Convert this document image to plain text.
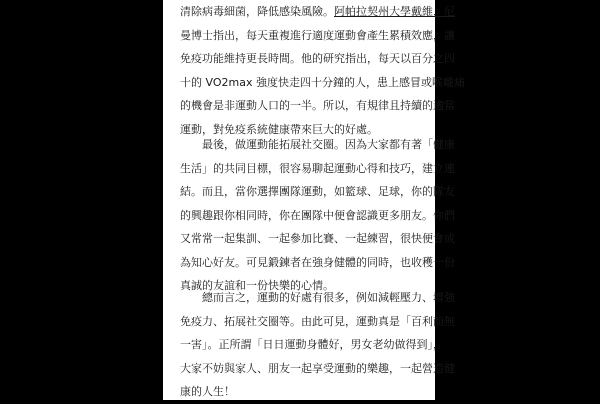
清除病毒細菌，降低感染風險。阿帕拉契州大學戴維．尼
曼博士指出，每天重複進行適度運動會產生累積效應，讓
免疫功能維持更長時間。他的研究指出，每天以百分之四
十的 VO2max 強度快走四十分鐘的人，患上感冒或喉嚨痛
的機會是非運動人口的一半。所以，有規律且持續的適當
運動，對免疫系統健康帶來巨大的好處。
最後，做運動能拓展社交圈。因為大家都有著「健康
生活」的共同目標，很容易聊起運動心得和技巧，建立連
結。而且，當你選擇團隊運動，如籃球、足球，你的隊友
的興趣跟你相同時，你在團隊中便會認識更多朋友。你們
又常常一起集訓、一起參加比賽、一起練習，很快便會成
為知心好友。可見鍛鍊者在強身健體的同時，也收穫一份
真誠的友誼和一份快樂的心情。
總而言之，運動的好處有很多，例如減輕壓力、增強
免疫力、拓展社交圈等。由此可見，運動真是「百利而無
一害」。正所謂「日日運動身體好，男女老幼做得到」，
大家不妨與家人、朋友一起享受運動的樂趣，一起營造健
康的人生！
